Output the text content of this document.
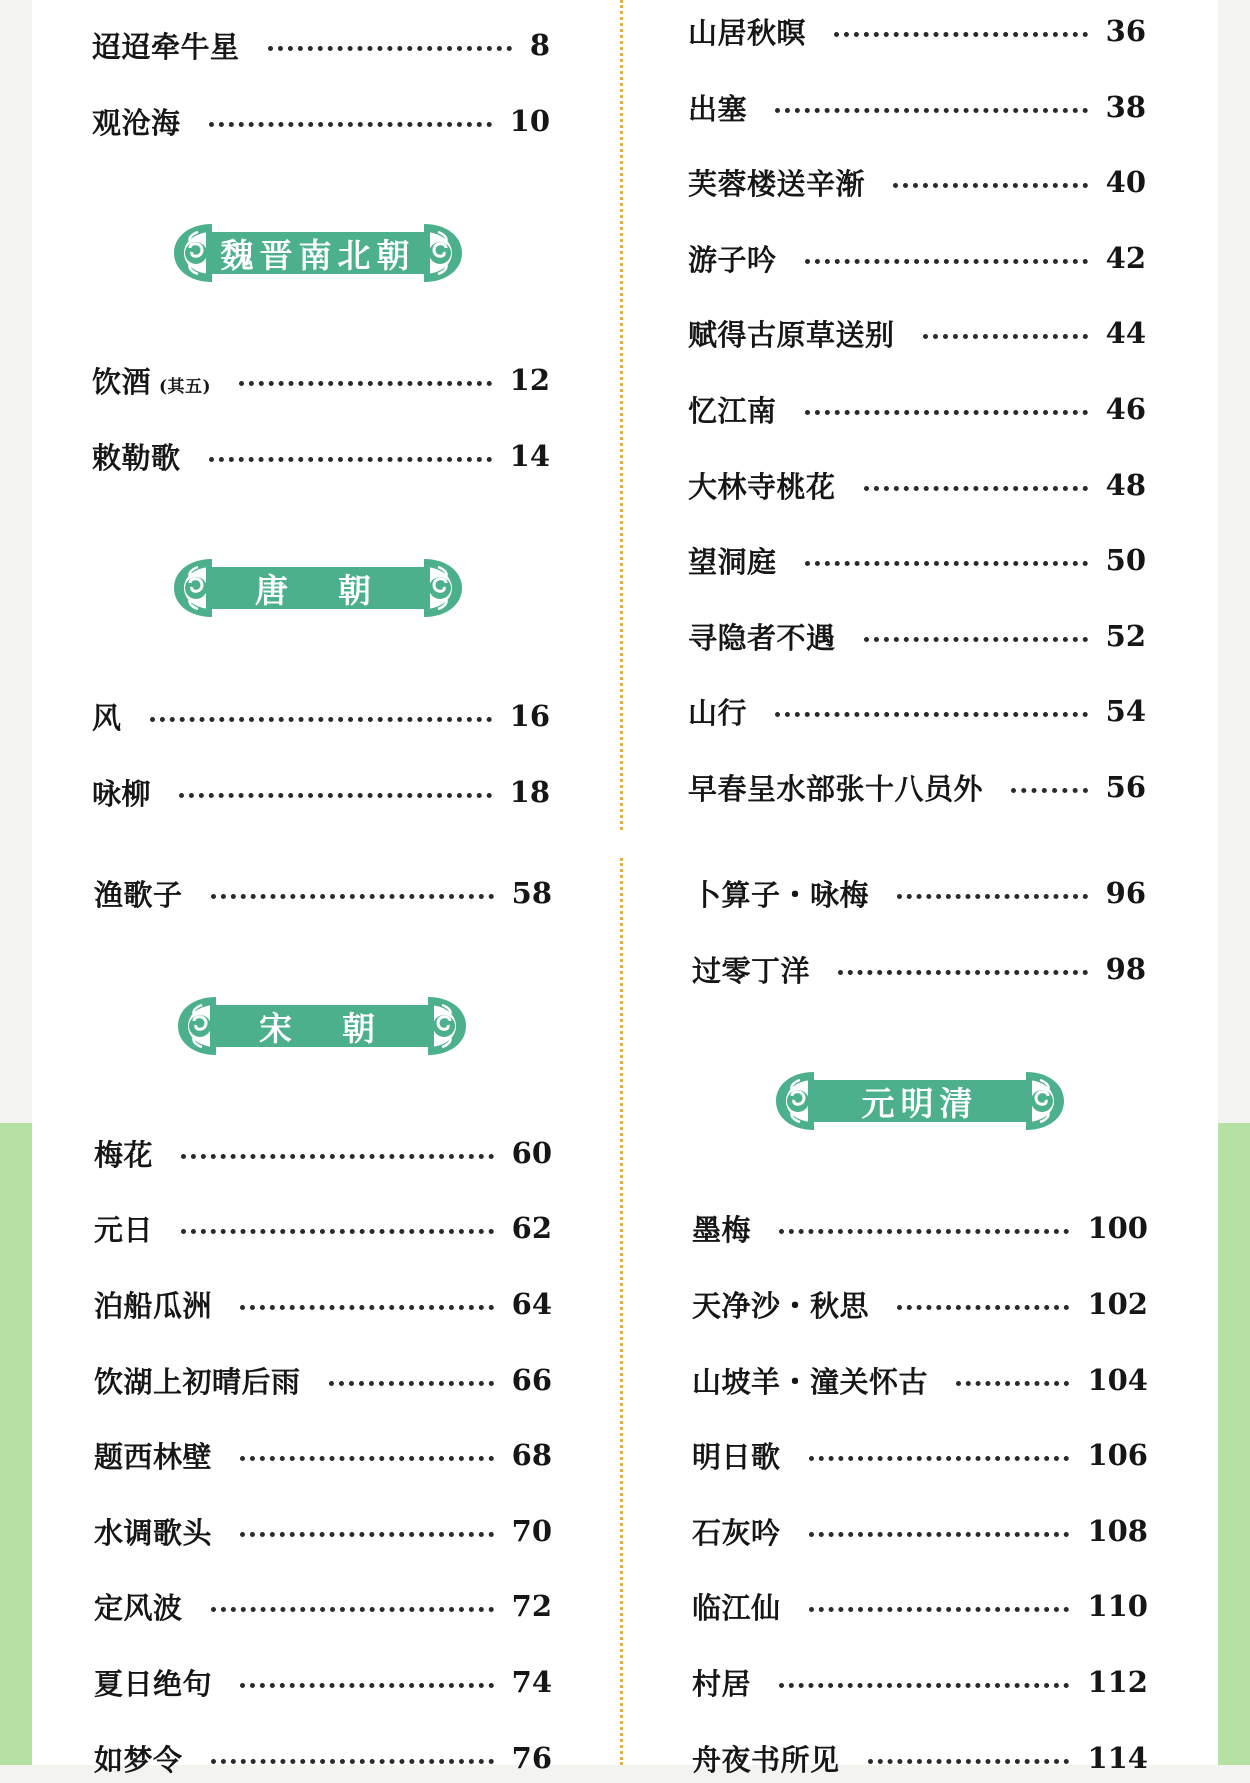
魏晋南北朝
唐朝
宋朝
元明清
迢迢牵牛星	8
观沧海	10
饮酒 (其五)	12
敕勒歌	14
风	16
咏柳	18
山居秋暝	36
出塞	38
芙蓉楼送辛渐	40
游子吟	42
赋得古原草送别	44
忆江南	46
大林寺桃花	48
望洞庭	50
寻隐者不遇	52
山行	54
早春呈水部张十八员外	56
渔歌子	58
梅花	60
元日	62
泊船瓜洲	64
饮湖上初晴后雨	66
题西林壁	68
水调歌头	70
定风波	72
夏日绝句	74
如梦令	76
卜算子・咏梅	96
过零丁洋	98
墨梅	100
天净沙・秋思	102
山坡羊・潼关怀古	104
明日歌	106
石灰吟	108
临江仙	110
村居	112
舟夜书所见	114
